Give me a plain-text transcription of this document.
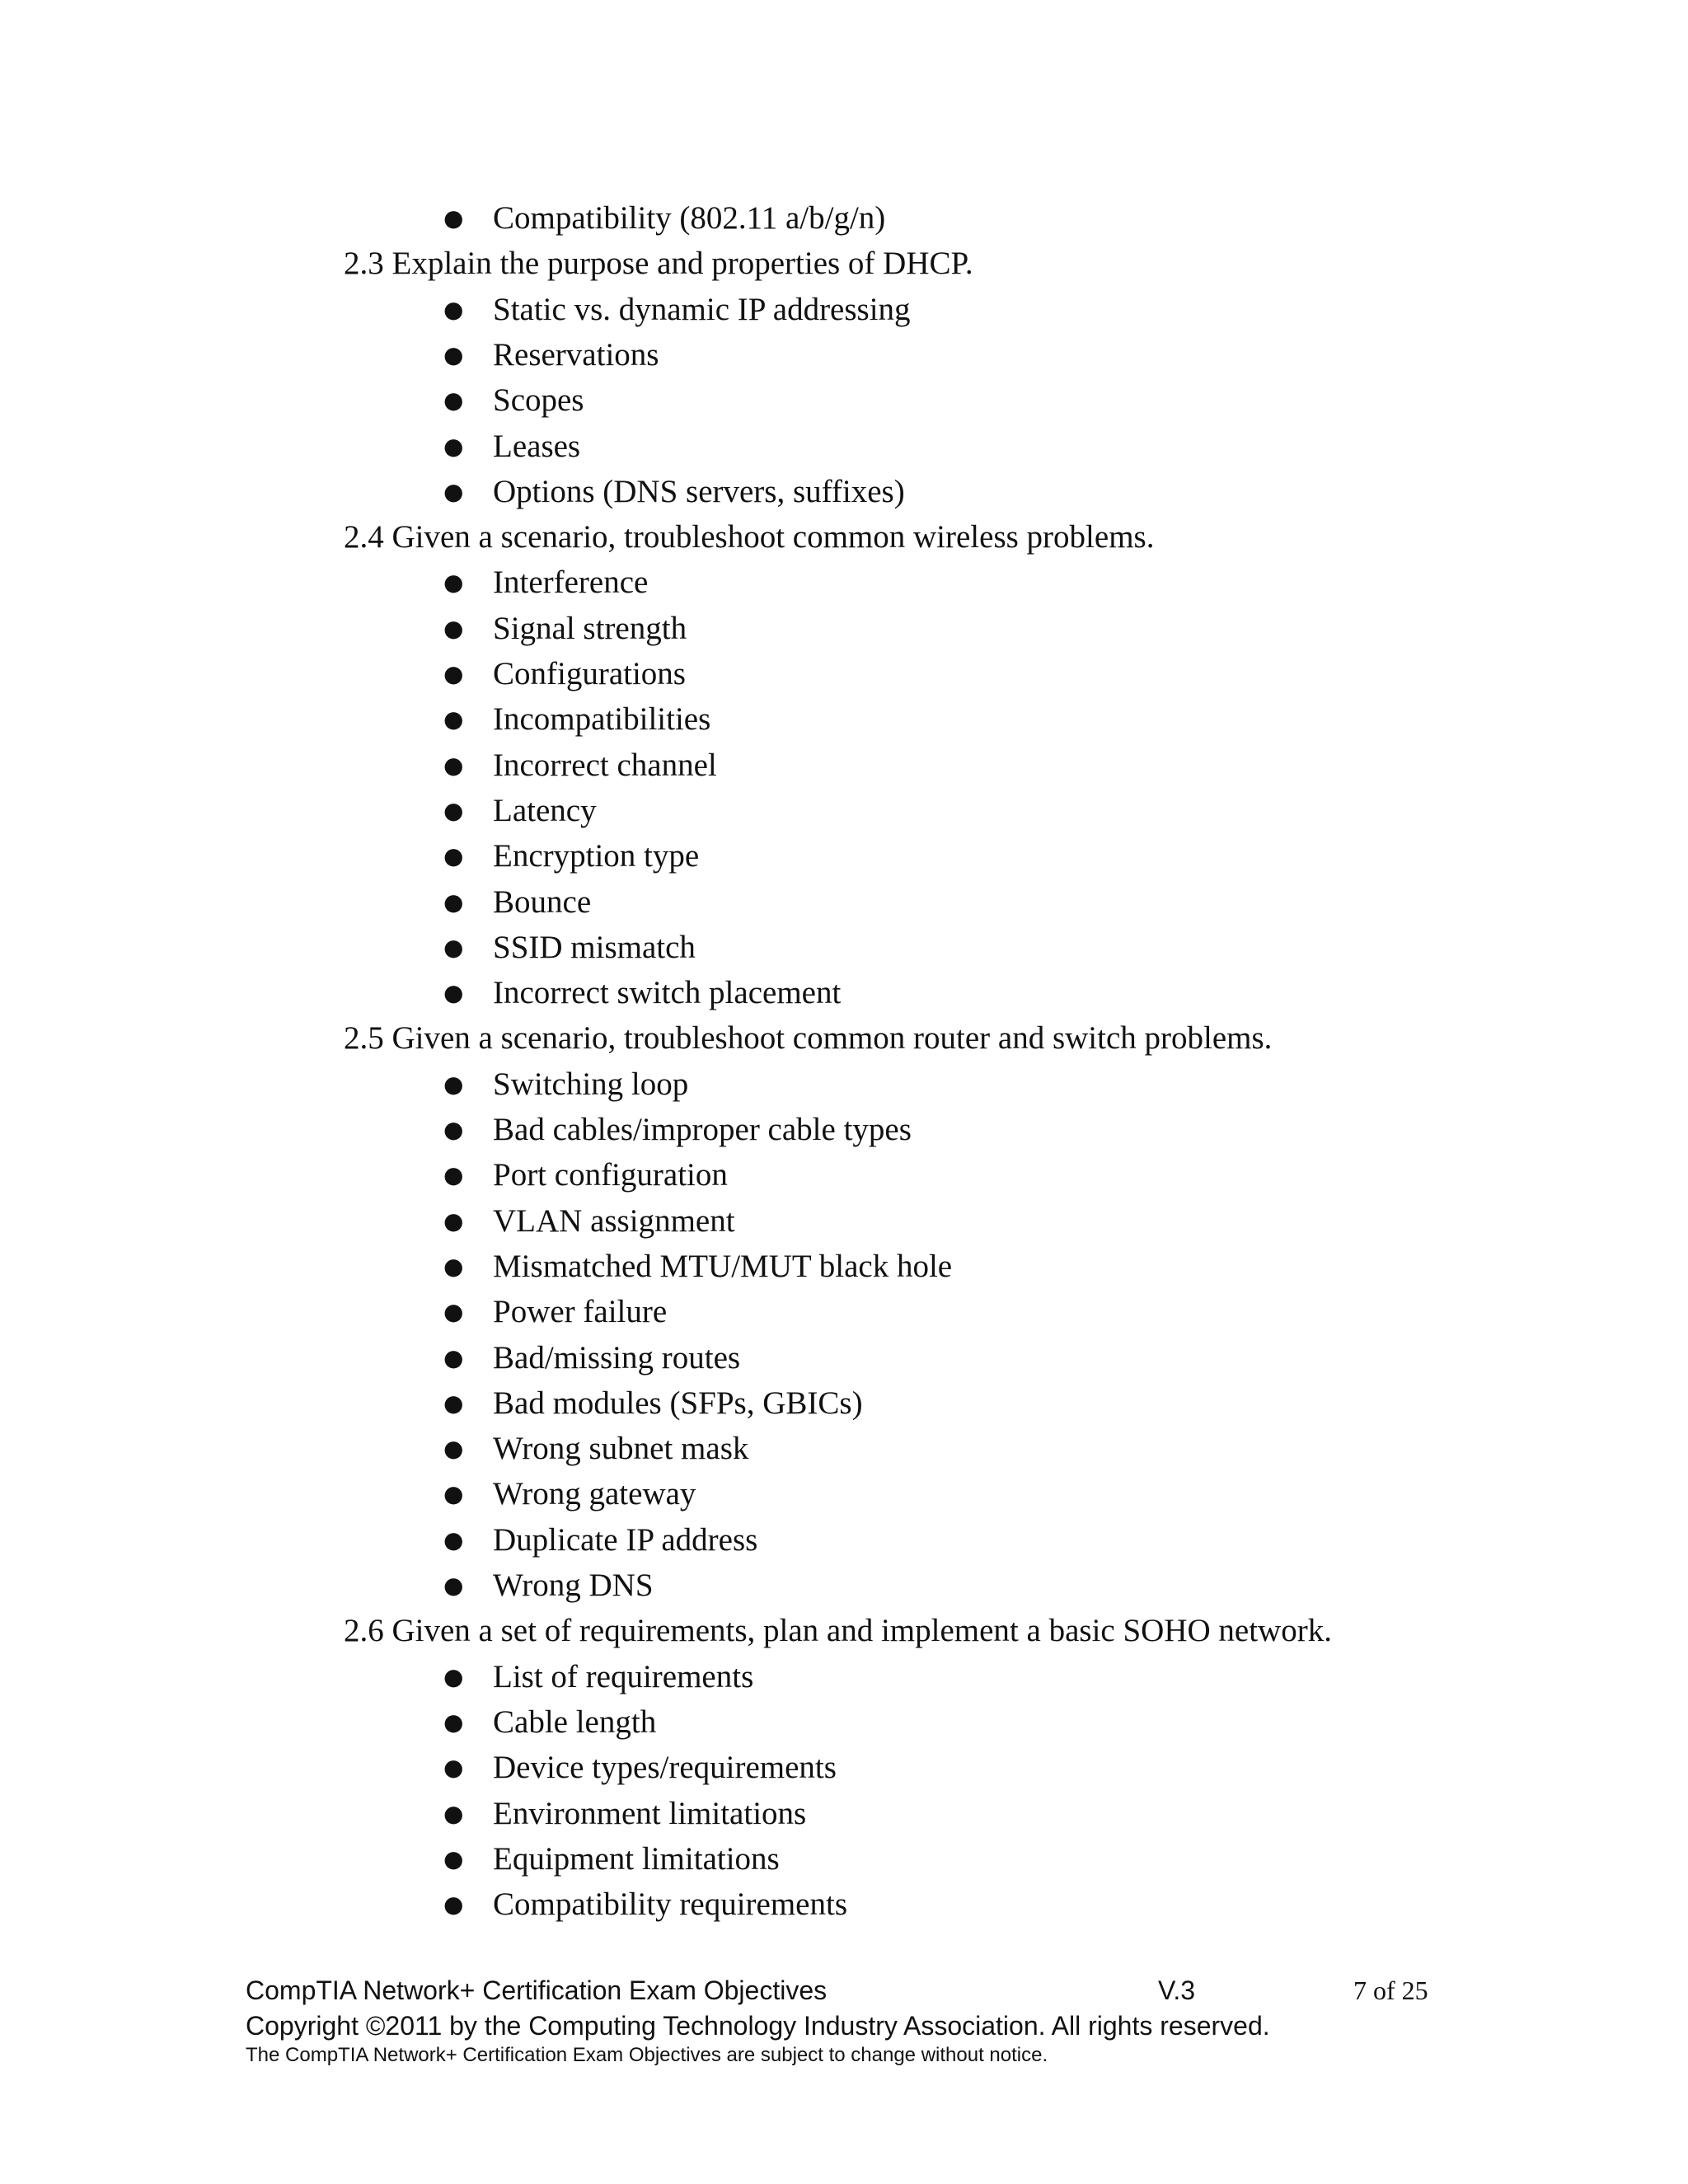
● Compatibility (802.11 a/b/g/n)
2.3 Explain the purpose and properties of DHCP.
● Static vs. dynamic IP addressing
● Reservations
● Scopes
● Leases
● Options (DNS servers, suffixes)
2.4 Given a scenario, troubleshoot common wireless problems.
● Interference
● Signal strength
● Configurations
● Incompatibilities
● Incorrect channel
● Latency
● Encryption type
● Bounce
● SSID mismatch
● Incorrect switch placement
2.5 Given a scenario, troubleshoot common router and switch problems.
● Switching loop
● Bad cables/improper cable types
● Port configuration
● VLAN assignment
● Mismatched MTU/MUT black hole
● Power failure
● Bad/missing routes
● Bad modules (SFPs, GBICs)
● Wrong subnet mask
● Wrong gateway
● Duplicate IP address
● Wrong DNS
2.6 Given a set of requirements, plan and implement a basic SOHO network.
● List of requirements
● Cable length
● Device types/requirements
● Environment limitations
● Equipment limitations
● Compatibility requirements
CompTIA Network+ Certification Exam Objectives	V.3	7 of 25
Copyright ©2011 by the Computing Technology Industry Association. All rights reserved.
The CompTIA Network+ Certification Exam Objectives are subject to change without notice.
